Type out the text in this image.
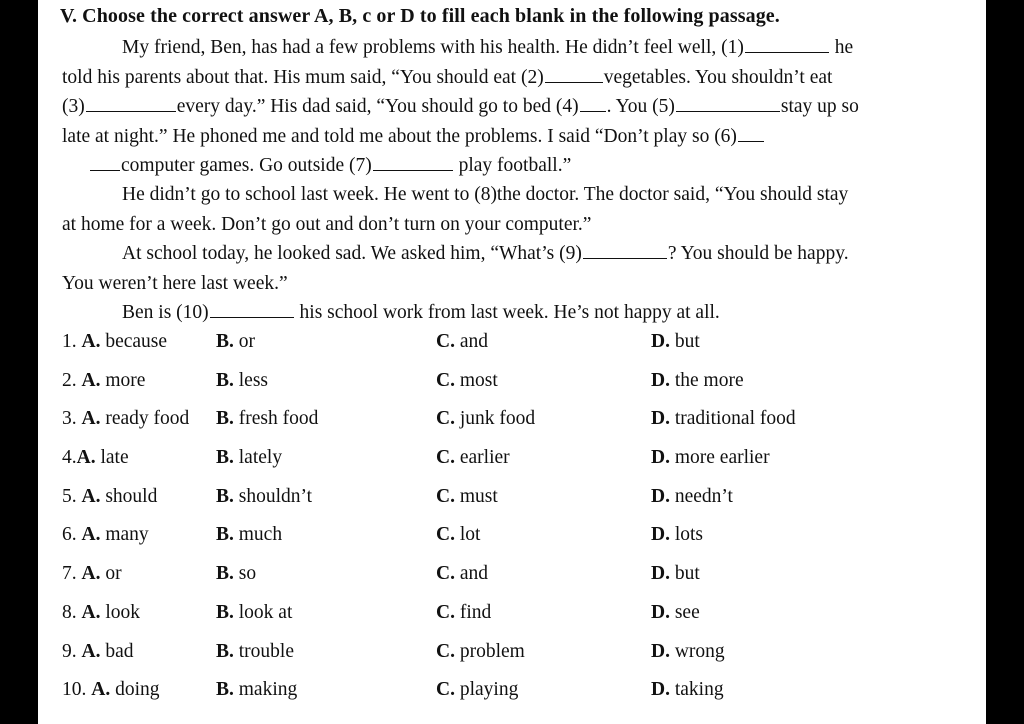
V. Choose the correct answer A, B, c or D to fill each blank in the following passage.
My friend, Ben, has had a few problems with his health. He didn’t feel well, (1)	he
told his parents about that. His mum said, “You should eat (2)	vegetables. You shouldn’t eat
(3)	every day.” His dad said, “You should go to bed (4) . You (5)	stay up so
late at night.” He phoned me and told me about the problems. I said “Don’t play so (6)
computer games. Go outside (7)	play football.”
He didn’t go to school last week. He went to (8)the doctor. The doctor said, “You should stay
at home for a week. Don’t go out and don’t turn on your computer.”
At school today, he looked sad. We asked him, “What’s (9)	? You should be happy.
You weren’t here last week.”
Ben is (10)	his school work from last week. He’s not happy at all.
1. A. because	B. or	C. and	D. but
2. A. more	B. less	C. most	D. the more
3. A. ready food B. fresh food	C. junk food	D. traditional food
4.A. late	B. lately	C. earlier	D. more earlier
5. A. should	B. shouldn’t	C. must	D. needn’t
6. A. many	B. much	C. lot	D. lots
7. A. or	B. so	C. and	D. but
8. A. look	B. look at	C. find	D. see
9. A. bad	B. trouble	C. problem	D. wrong
10. A. doing	B. making	C. playing	D. taking
